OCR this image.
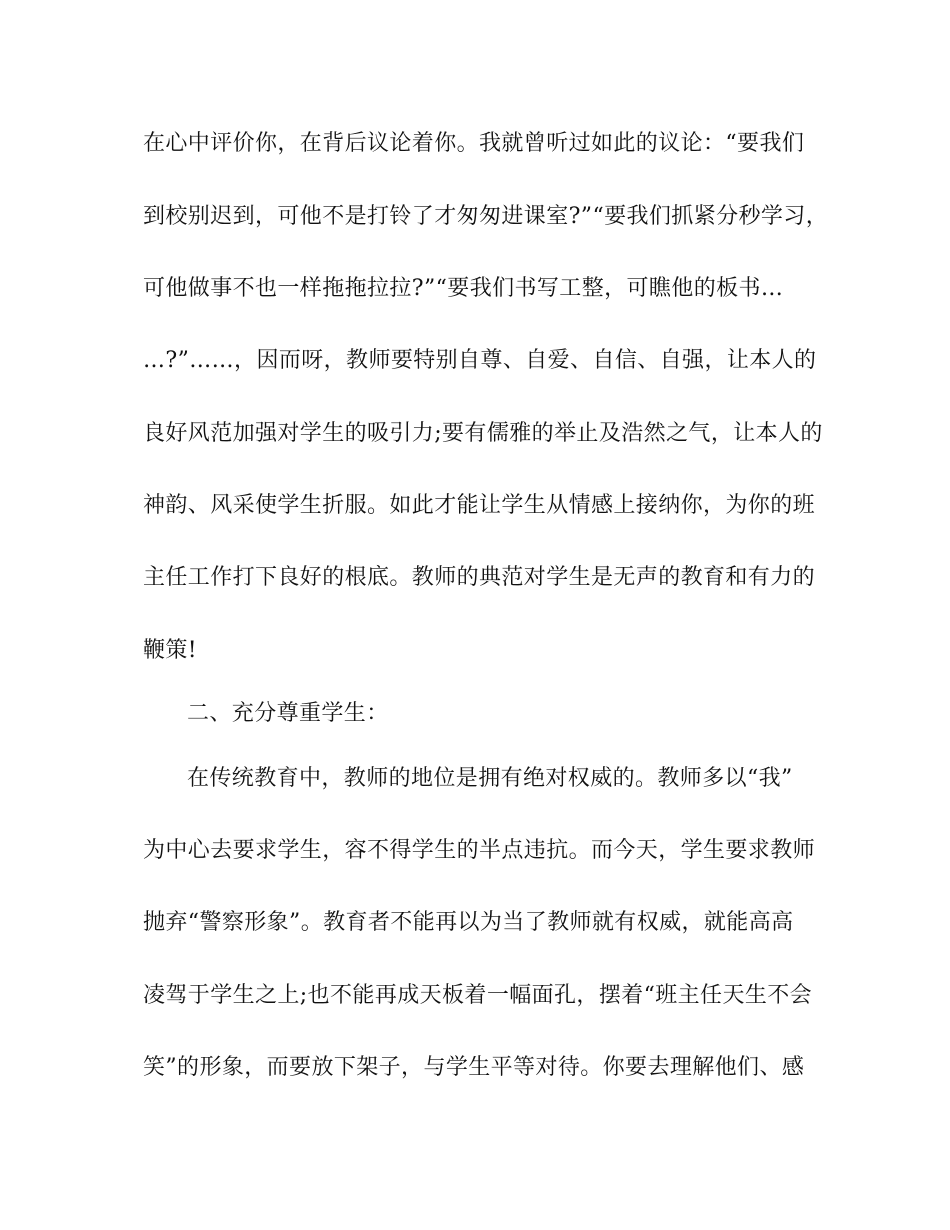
在心中评价你，在背后议论着你。我就曾听过如此的议论：“要我们
到校别迟到，可他不是打铃了才匆匆进课室?”“要我们抓紧分秒学习，
可他做事不也一样拖拖拉拉?”“要我们书写工整，可瞧他的板书…
…?”……，因而呀，教师要特别自尊、自爱、自信、自强，让本人的
良好风范加强对学生的吸引力;要有儒雅的举止及浩然之气，让本人的
神韵、风采使学生折服。如此才能让学生从情感上接纳你，为你的班
主任工作打下良好的根底。教师的典范对学生是无声的教育和有力的
鞭策!
二、充分尊重学生：
在传统教育中，教师的地位是拥有绝对权威的。教师多以“我”
为中心去要求学生，容不得学生的半点违抗。而今天，学生要求教师
抛弃“警察形象”。教育者不能再以为当了教师就有权威，就能高高
凌驾于学生之上;也不能再成天板着一幅面孔，摆着“班主任天生不会
笑”的形象，而要放下架子，与学生平等对待。你要去理解他们、感
